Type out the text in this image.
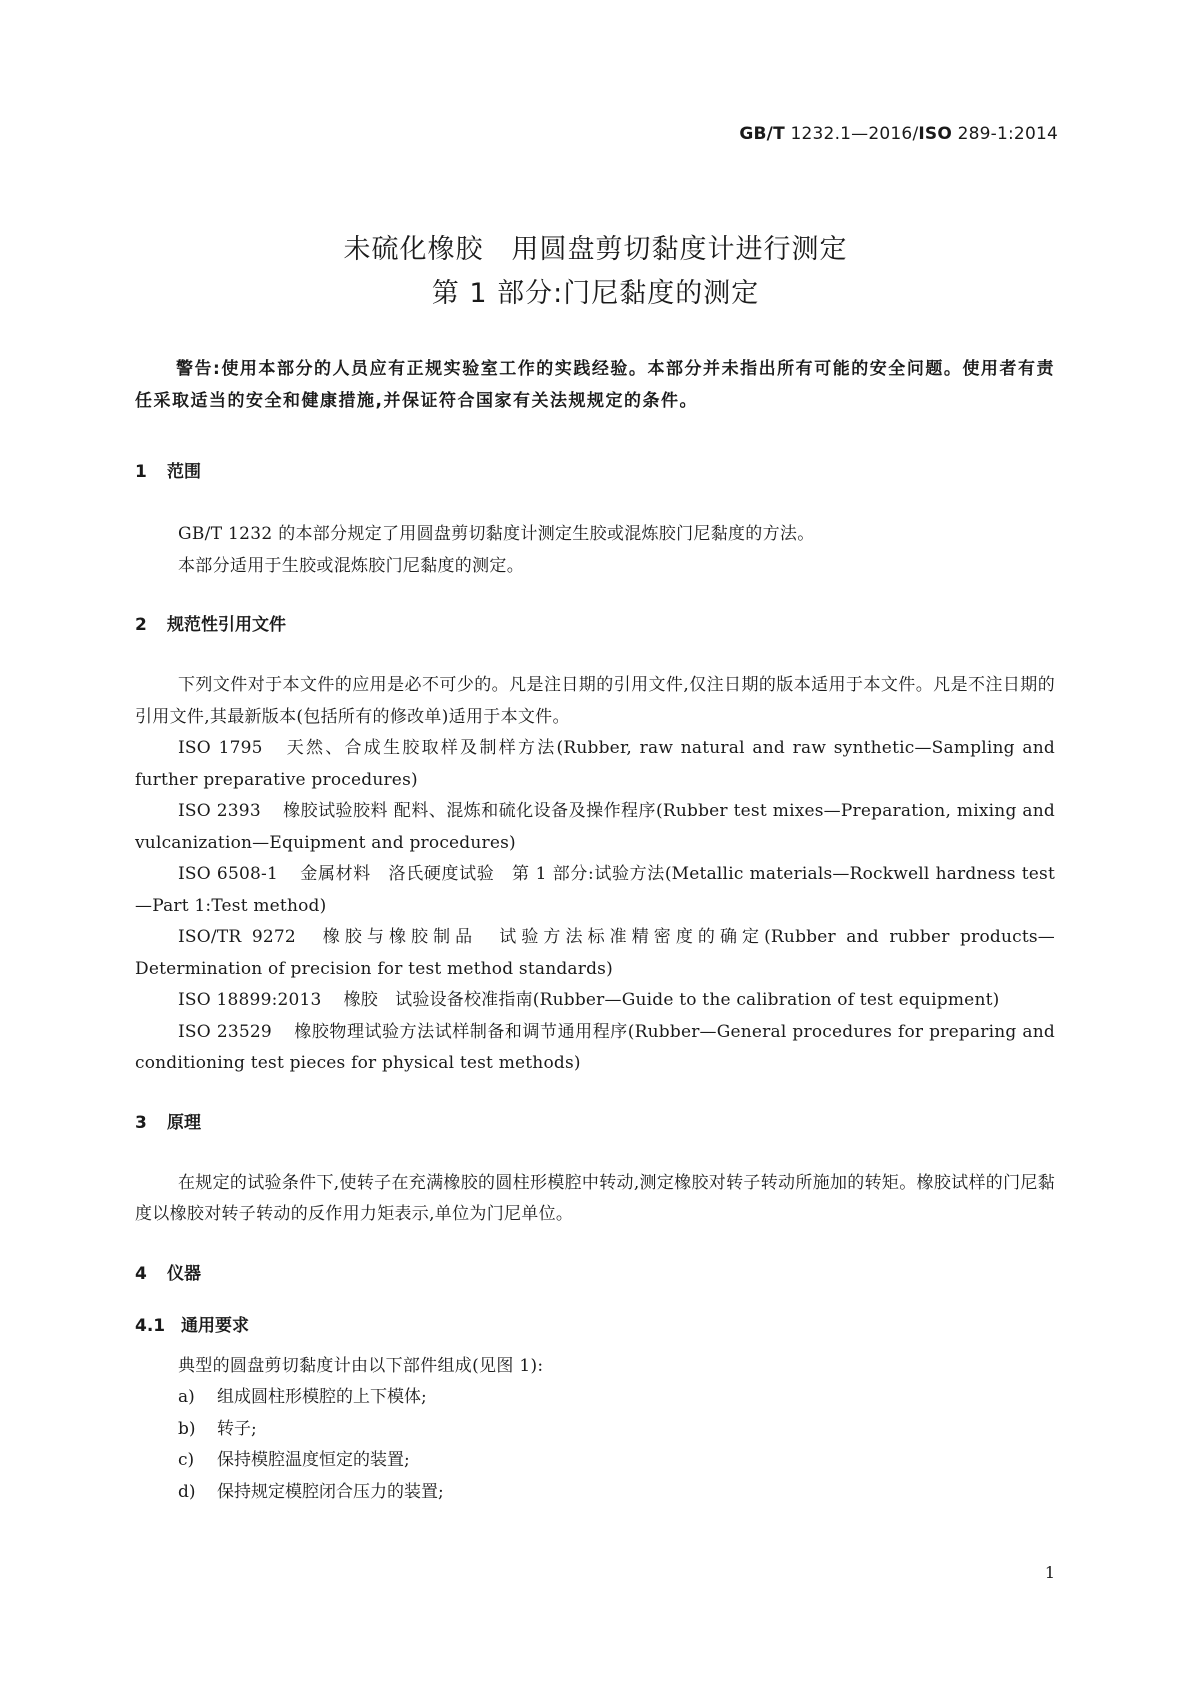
GB/T 1232.1—2016/ISO 289-1:2014
未硫化橡胶　用圆盘剪切黏度计进行测定
第 1 部分:门尼黏度的测定

警告:使用本部分的人员应有正规实验室工作的实践经验。本部分并未指出所有可能的安全问题。使用者有责任采取适当的安全和健康措施,并保证符合国家有关法规规定的条件。

1 范围

GB/T 1232 的本部分规定了用圆盘剪切黏度计测定生胶或混炼胶门尼黏度的方法。

本部分适用于生胶或混炼胶门尼黏度的测定。

2 规范性引用文件

下列文件对于本文件的应用是必不可少的。凡是注日期的引用文件,仅注日期的版本适用于本文件。凡是不注日期的引用文件,其最新版本(包括所有的修改单)适用于本文件。

ISO 1795 天然、合成生胶取样及制样方法(Rubber, raw natural and raw synthetic—Sampling and further preparative procedures)

ISO 2393 橡胶试验胶料 配料、混炼和硫化设备及操作程序(Rubber test mixes—Preparation, mixing and vulcanization—Equipment and procedures)

ISO 6508-1 金属材料　洛氏硬度试验　第 1 部分:试验方法(Metallic materials—Rockwell hardness test—Part 1:Test method)

ISO/TR 9272 橡胶与橡胶制品　试验方法标准精密度的确定(Rubber and rubber products—Determination of precision for test method standards)

ISO 18899:2013 橡胶　试验设备校准指南(Rubber—Guide to the calibration of test equipment)

ISO 23529 橡胶物理试验方法试样制备和调节通用程序(Rubber—General procedures for preparing and conditioning test pieces for physical test methods)

3 原理

在规定的试验条件下,使转子在充满橡胶的圆柱形模腔中转动,测定橡胶对转子转动所施加的转矩。橡胶试样的门尼黏度以橡胶对转子转动的反作用力矩表示,单位为门尼单位。

4 仪器

4.1 通用要求

典型的圆盘剪切黏度计由以下部件组成(见图 1):

a) 组成圆柱形模腔的上下模体;

b) 转子;

c) 保持模腔温度恒定的装置;

d) 保持规定模腔闭合压力的装置;

1
